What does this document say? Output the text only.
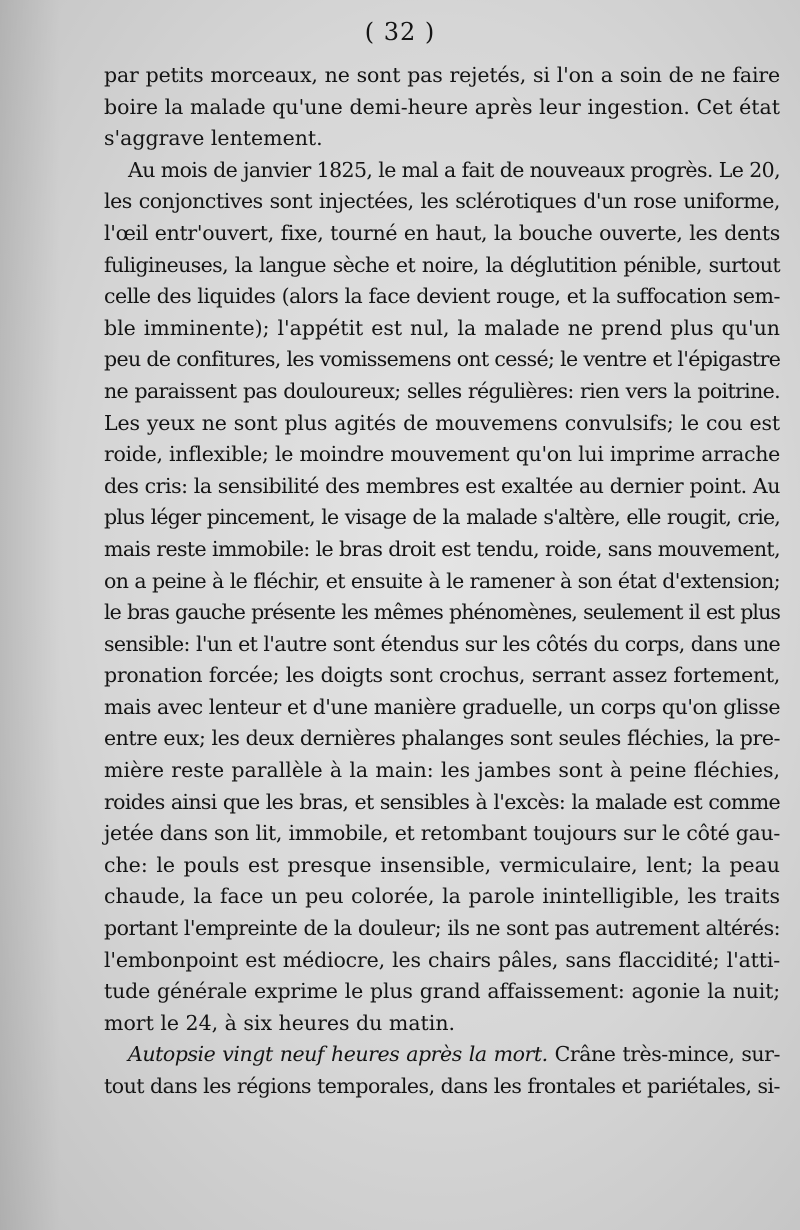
( 32 )
par petits morceaux, ne sont pas rejetés, si l'on a soin de ne faire
boire la malade qu'une demi-heure après leur ingestion. Cet état
s'aggrave lentement.
Au mois de janvier 1825, le mal a fait de nouveaux progrès. Le 20,
les conjonctives sont injectées, les sclérotiques d'un rose uniforme,
l'œil entr'ouvert, fixe, tourné en haut, la bouche ouverte, les dents
fuligineuses, la langue sèche et noire, la déglutition pénible, surtout
celle des liquides (alors la face devient rouge, et la suffocation sem-
ble imminente); l'appétit est nul, la malade ne prend plus qu'un
peu de confitures, les vomissemens ont cessé; le ventre et l'épigastre
ne paraissent pas douloureux; selles régulières: rien vers la poitrine.
Les yeux ne sont plus agités de mouvemens convulsifs; le cou est
roide, inflexible; le moindre mouvement qu'on lui imprime arrache
des cris: la sensibilité des membres est exaltée au dernier point. Au
plus léger pincement, le visage de la malade s'altère, elle rougit, crie,
mais reste immobile: le bras droit est tendu, roide, sans mouvement,
on a peine à le fléchir, et ensuite à le ramener à son état d'extension;
le bras gauche présente les mêmes phénomènes, seulement il est plus
sensible: l'un et l'autre sont étendus sur les côtés du corps, dans une
pronation forcée; les doigts sont crochus, serrant assez fortement,
mais avec lenteur et d'une manière graduelle, un corps qu'on glisse
entre eux; les deux dernières phalanges sont seules fléchies, la pre-
mière reste parallèle à la main: les jambes sont à peine fléchies,
roides ainsi que les bras, et sensibles à l'excès: la malade est comme
jetée dans son lit, immobile, et retombant toujours sur le côté gau-
che: le pouls est presque insensible, vermiculaire, lent; la peau
chaude, la face un peu colorée, la parole inintelligible, les traits
portant l'empreinte de la douleur; ils ne sont pas autrement altérés:
l'embonpoint est médiocre, les chairs pâles, sans flaccidité; l'atti-
tude générale exprime le plus grand affaissement: agonie la nuit;
mort le 24, à six heures du matin.
Autopsie vingt neuf heures après la mort. Crâne très-mince, sur-
tout dans les régions temporales, dans les frontales et pariétales, si-
